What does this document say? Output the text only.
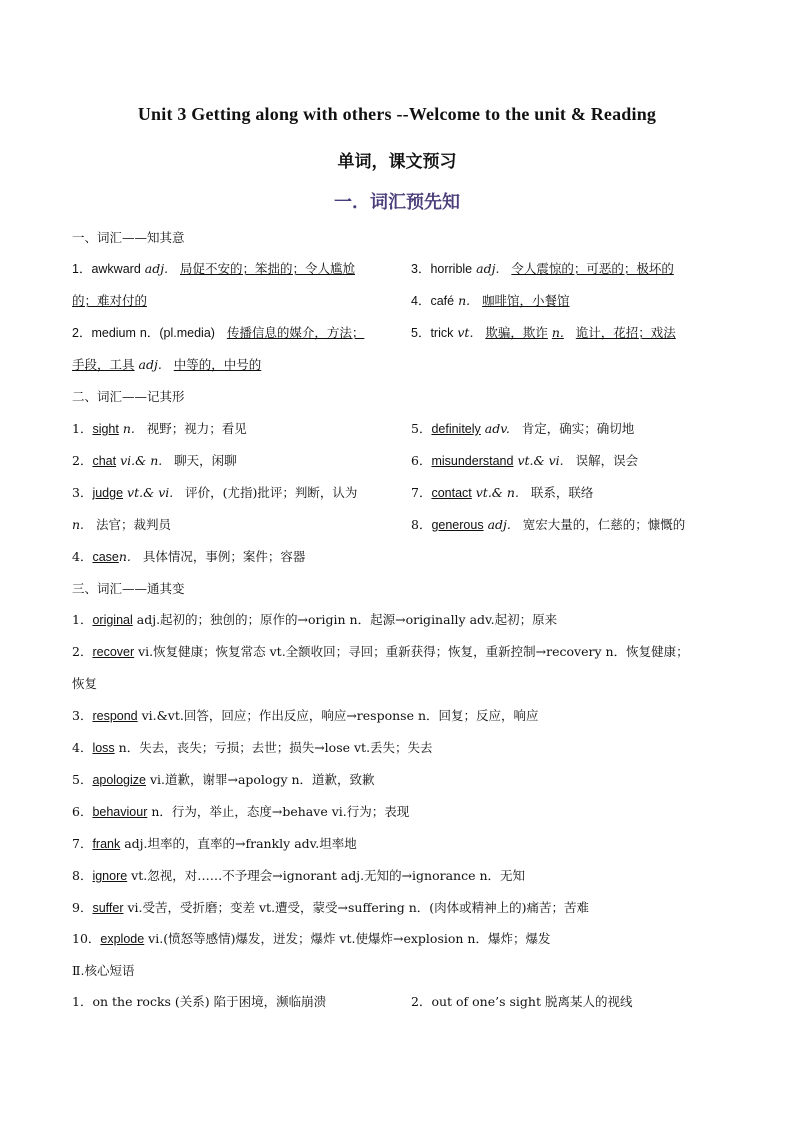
Unit 3 Getting along with others --Welcome to the unit & Reading
单词，课文预习
一．词汇预先知
一、词汇——知其意
1．awkward adj. 局促不安的；笨拙的；令人尴尬
的；难对付的
3．horrible adj. 令人震惊的；可恶的；极坏的
4．café n. 咖啡馆，小餐馆
2．medium n．(pl.media) 传播信息的媒介，方法；
手段，工具 adj. 中等的，中号的
5．trick vt. 欺骗，欺诈 n. 诡计，花招；戏法
二、词汇——记其形
1．sight n. 视野；视力；看见
2．chat vi.& n. 聊天，闲聊
3．judge vt.& vi. 评价，(尤指)批评；判断，认为
n. 法官；裁判员
4．casen. 具体情况，事例；案件；容器
5．definitely adv. 肯定，确实；确切地
6．misunderstand vt.& vi. 误解，误会
7．contact vt.& n. 联系，联络
8．generous adj. 宽宏大量的，仁慈的；慷慨的
三、词汇——通其变
1．original adj.起初的；独创的；原作的→origin n．起源→originally adv.起初；原来
2．recover vi.恢复健康；恢复常态 vt.全额收回；寻回；重新获得；恢复，重新控制→recovery n．恢复健康；
恢复
3．respond vi.&vt.回答，回应；作出反应，响应→response n．回复；反应，响应
4．loss n．失去，丧失；亏损；去世；损失→lose vt.丢失；失去
5．apologize vi.道歉，谢罪→apology n．道歉，致歉
6．behaviour n．行为，举止，态度→behave vi.行为；表现
7．frank adj.坦率的，直率的→frankly adv.坦率地
8．ignore vt.忽视，对……不予理会→ignorant adj.无知的→ignorance n．无知
9．suffer vi.受苦，受折磨；变差 vt.遭受，蒙受→suffering n．(肉体或精神上的)痛苦；苦难
10．explode vi.(愤怒等感情)爆发，迸发；爆炸 vt.使爆炸→explosion n．爆炸；爆发
Ⅱ.核心短语
1．on the rocks (关系) 陷于困境，濒临崩溃	2．out of one’s sight 脱离某人的视线
